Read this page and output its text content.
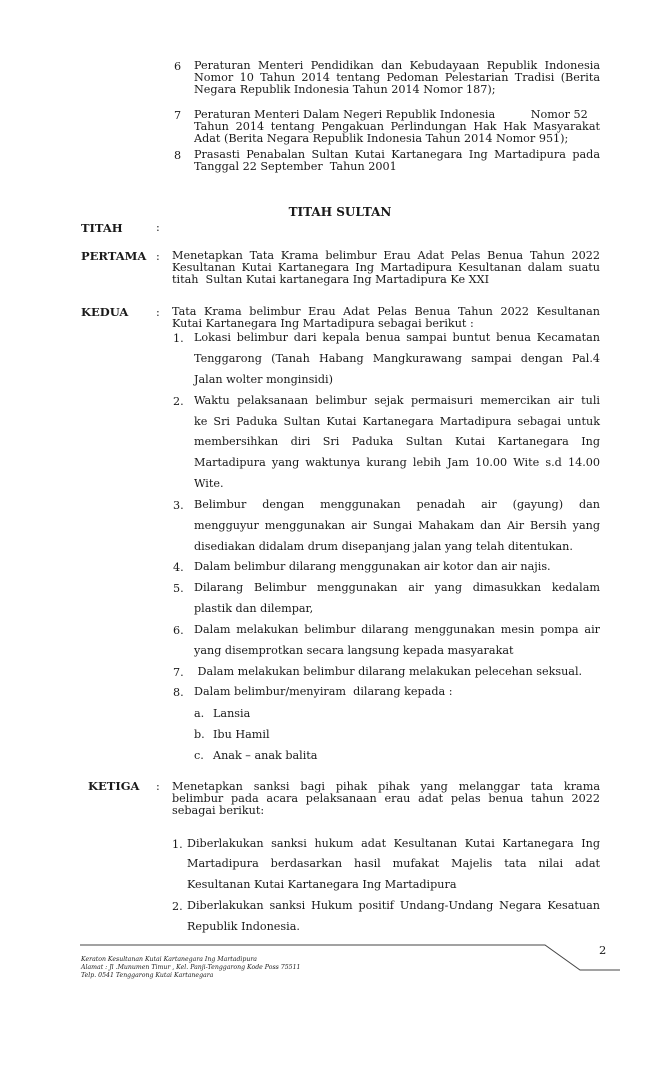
6 Peraturan Menteri Pendidikan dan Kebudayaan Republik Indonesia
Nomor 10 Tahun 2014 tentang Pedoman Pelestarian Tradisi (Berita
Negara Republik Indonesia Tahun 2014 Nomor 187);
7 Peraturan Menteri Dalam Negeri Republik Indonesia          Nomor 52
Tahun 2014 tentang Pengakuan Perlindungan Hak Hak Masyarakat
Adat (Berita Negara Republik Indonesia Tahun 2014 Nomor 951);
8 Prasasti Penabalan Sultan Kutai Kartanegara Ing Martadipura pada
Tanggal 22 September  Tahun 2001
TITAH SULTAN
TITAH	:
PERTAMA : Menetapkan Tata Krama belimbur Erau Adat Pelas Benua Tahun 2022
Kesultanan Kutai Kartanegara Ing Martadipura Kesultanan dalam suatu
titah  Sultan Kutai kartanegara Ing Martadipura Ke XXI
KEDUA : Tata Krama belimbur Erau Adat Pelas Benua Tahun 2022 Kesultanan
Kutai Kartanegara Ing Martadipura sebagai berikut :
1. Lokasi belimbur dari kepala benua sampai buntut benua Kecamatan
Tenggarong (Tanah Habang Mangkurawang sampai dengan Pal.4
Jalan wolter monginsidi)
2. Waktu pelaksanaan belimbur sejak permaisuri memercikan air tuli
ke Sri Paduka Sultan Kutai Kartanegara Martadipura sebagai untuk
membersihkan diri Sri Paduka Sultan Kutai Kartanegara Ing
Martadipura yang waktunya kurang lebih Jam 10.00 Wite s.d 14.00
Wite.
3. Belimbur dengan menggunakan penadah air (gayung) dan
mengguyur menggunakan air Sungai Mahakam dan Air Bersih yang
disediakan didalam drum disepanjang jalan yang telah ditentukan.
4. Dalam belimbur dilarang menggunakan air kotor dan air najis.
5. Dilarang Belimbur menggunakan air yang dimasukkan kedalam
plastik dan dilempar,
6. Dalam melakukan belimbur dilarang menggunakan mesin pompa air
yang disemprotkan secara langsung kepada masyarakat
7. Dalam melakukan belimbur dilarang melakukan pelecehan seksual.
8. Dalam belimbur/menyiram  dilarang kepada :
a. Lansia
b. Ibu Hamil
c. Anak – anak balita
KETIGA : Menetapkan  sanksi  bagi  pihak  pihak  yang  melanggar  tata  krama
belimbur pada acara pelaksanaan erau adat pelas benua tahun 2022
sebagai berikut:
1. Diberlakukan sanksi hukum adat Kesultanan Kutai Kartanegara Ing
Martadipura  berdasarkan  hasil  mufakat  Majelis  tata  nilai  adat
Kesultanan Kutai Kartanegara Ing Martadipura
2. Diberlakukan sanksi Hukum positif Undang-Undang Negara Kesatuan
Republik Indonesia.
2
Keraton Kesultanan Kutai Kartanegara Ing Martadipura
Alamat : Jl .Munumen Timur , Kel. Panji-Tenggarong Kode Poss 75511
Telp. 0541 Tenggarong Kutai Kartanegara
